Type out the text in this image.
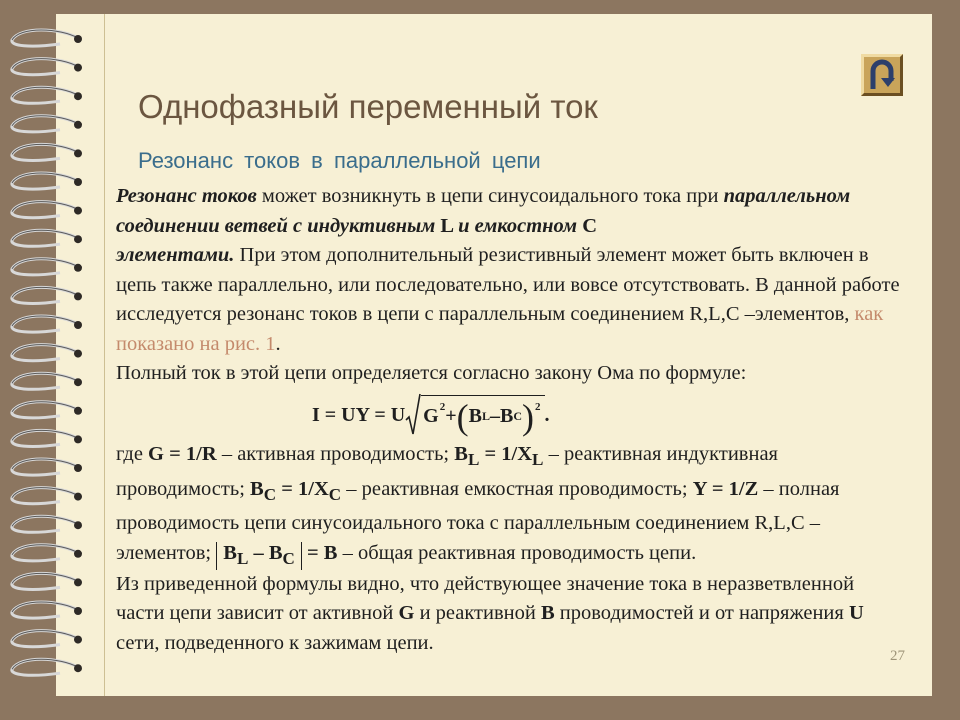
Однофазный переменный ток
Резонанс токов в параллельной цепи

Резонанс токов может возникнуть в цепи синусоидального тока при параллельном соединении ветвей с индуктивным L и емкостном C
элементами. При этом дополнительный резистивный элемент может быть включен в цепь также параллельно, или последовательно, или вовсе отсутствовать. В данной работе исследуется резонанс токов в цепи с параллельным соединением R,L,C –элементов, как показано на рис. 1.

Полный ток в этой цепи определяется согласно закону Ома по формуле:

I = UY = U G 2 + ( B L – B C ) 2 .

где G = 1/R – активная проводимость; $B_L = 1/X_L$ – реактивная индуктивная проводимость; $B_C = 1/X_C$ – реактивная емкостная проводимость; Y = 1/Z – полная проводимость цепи синусоидального тока с параллельным соединением R,L,C –элементов; $B_L - B_C = B$ – общая реактивная проводимость цепи.

Из приведенной формулы видно, что действующее значение тока в неразветвленной части цепи зависит от активной G и реактивной B проводимостей и от напряжения U сети, подведенного к зажимам цепи.

27
